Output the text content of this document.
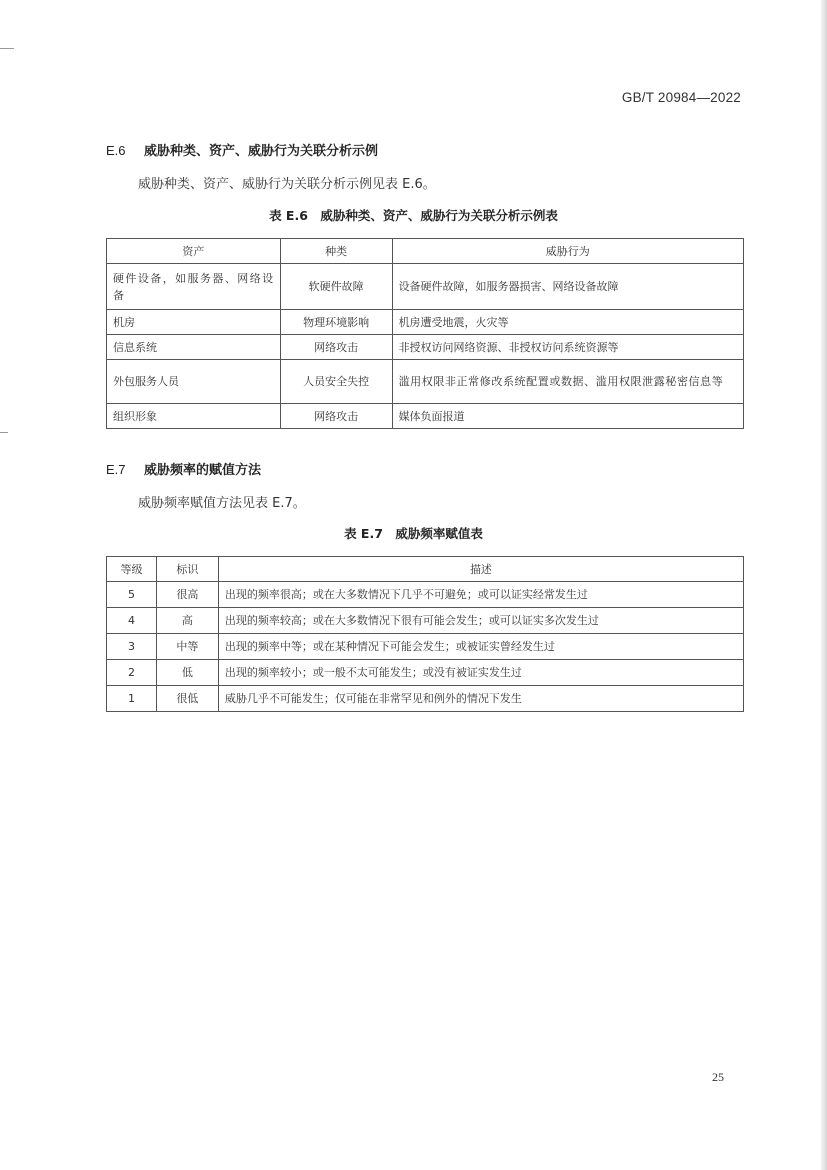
GB/T 20984—2022
E.6 威胁种类、资产、威胁行为关联分析示例
威胁种类、资产、威胁行为关联分析示例见表 E.6。
表 E.6　威胁种类、资产、威胁行为关联分析示例表
资产	种类	威胁行为
硬件设备，如服务器、网络设备	软硬件故障	设备硬件故障，如服务器损害、网络设备故障
机房	物理环境影响	机房遭受地震，火灾等
信息系统	网络攻击	非授权访问网络资源、非授权访问系统资源等
外包服务人员	人员安全失控	滥用权限非正常修改系统配置或数据、滥用权限泄露秘密信息等
组织形象	网络攻击	媒体负面报道
E.7 威胁频率的赋值方法
威胁频率赋值方法见表 E.7。
表 E.7　威胁频率赋值表
等级	标识	描述
5	很高	出现的频率很高；或在大多数情况下几乎不可避免；或可以证实经常发生过
4	高	出现的频率较高；或在大多数情况下很有可能会发生；或可以证实多次发生过
3	中等	出现的频率中等；或在某种情况下可能会发生；或被证实曾经发生过
2	低	出现的频率较小；或一般不太可能发生；或没有被证实发生过
1	很低	威胁几乎不可能发生；仅可能在非常罕见和例外的情况下发生
25
